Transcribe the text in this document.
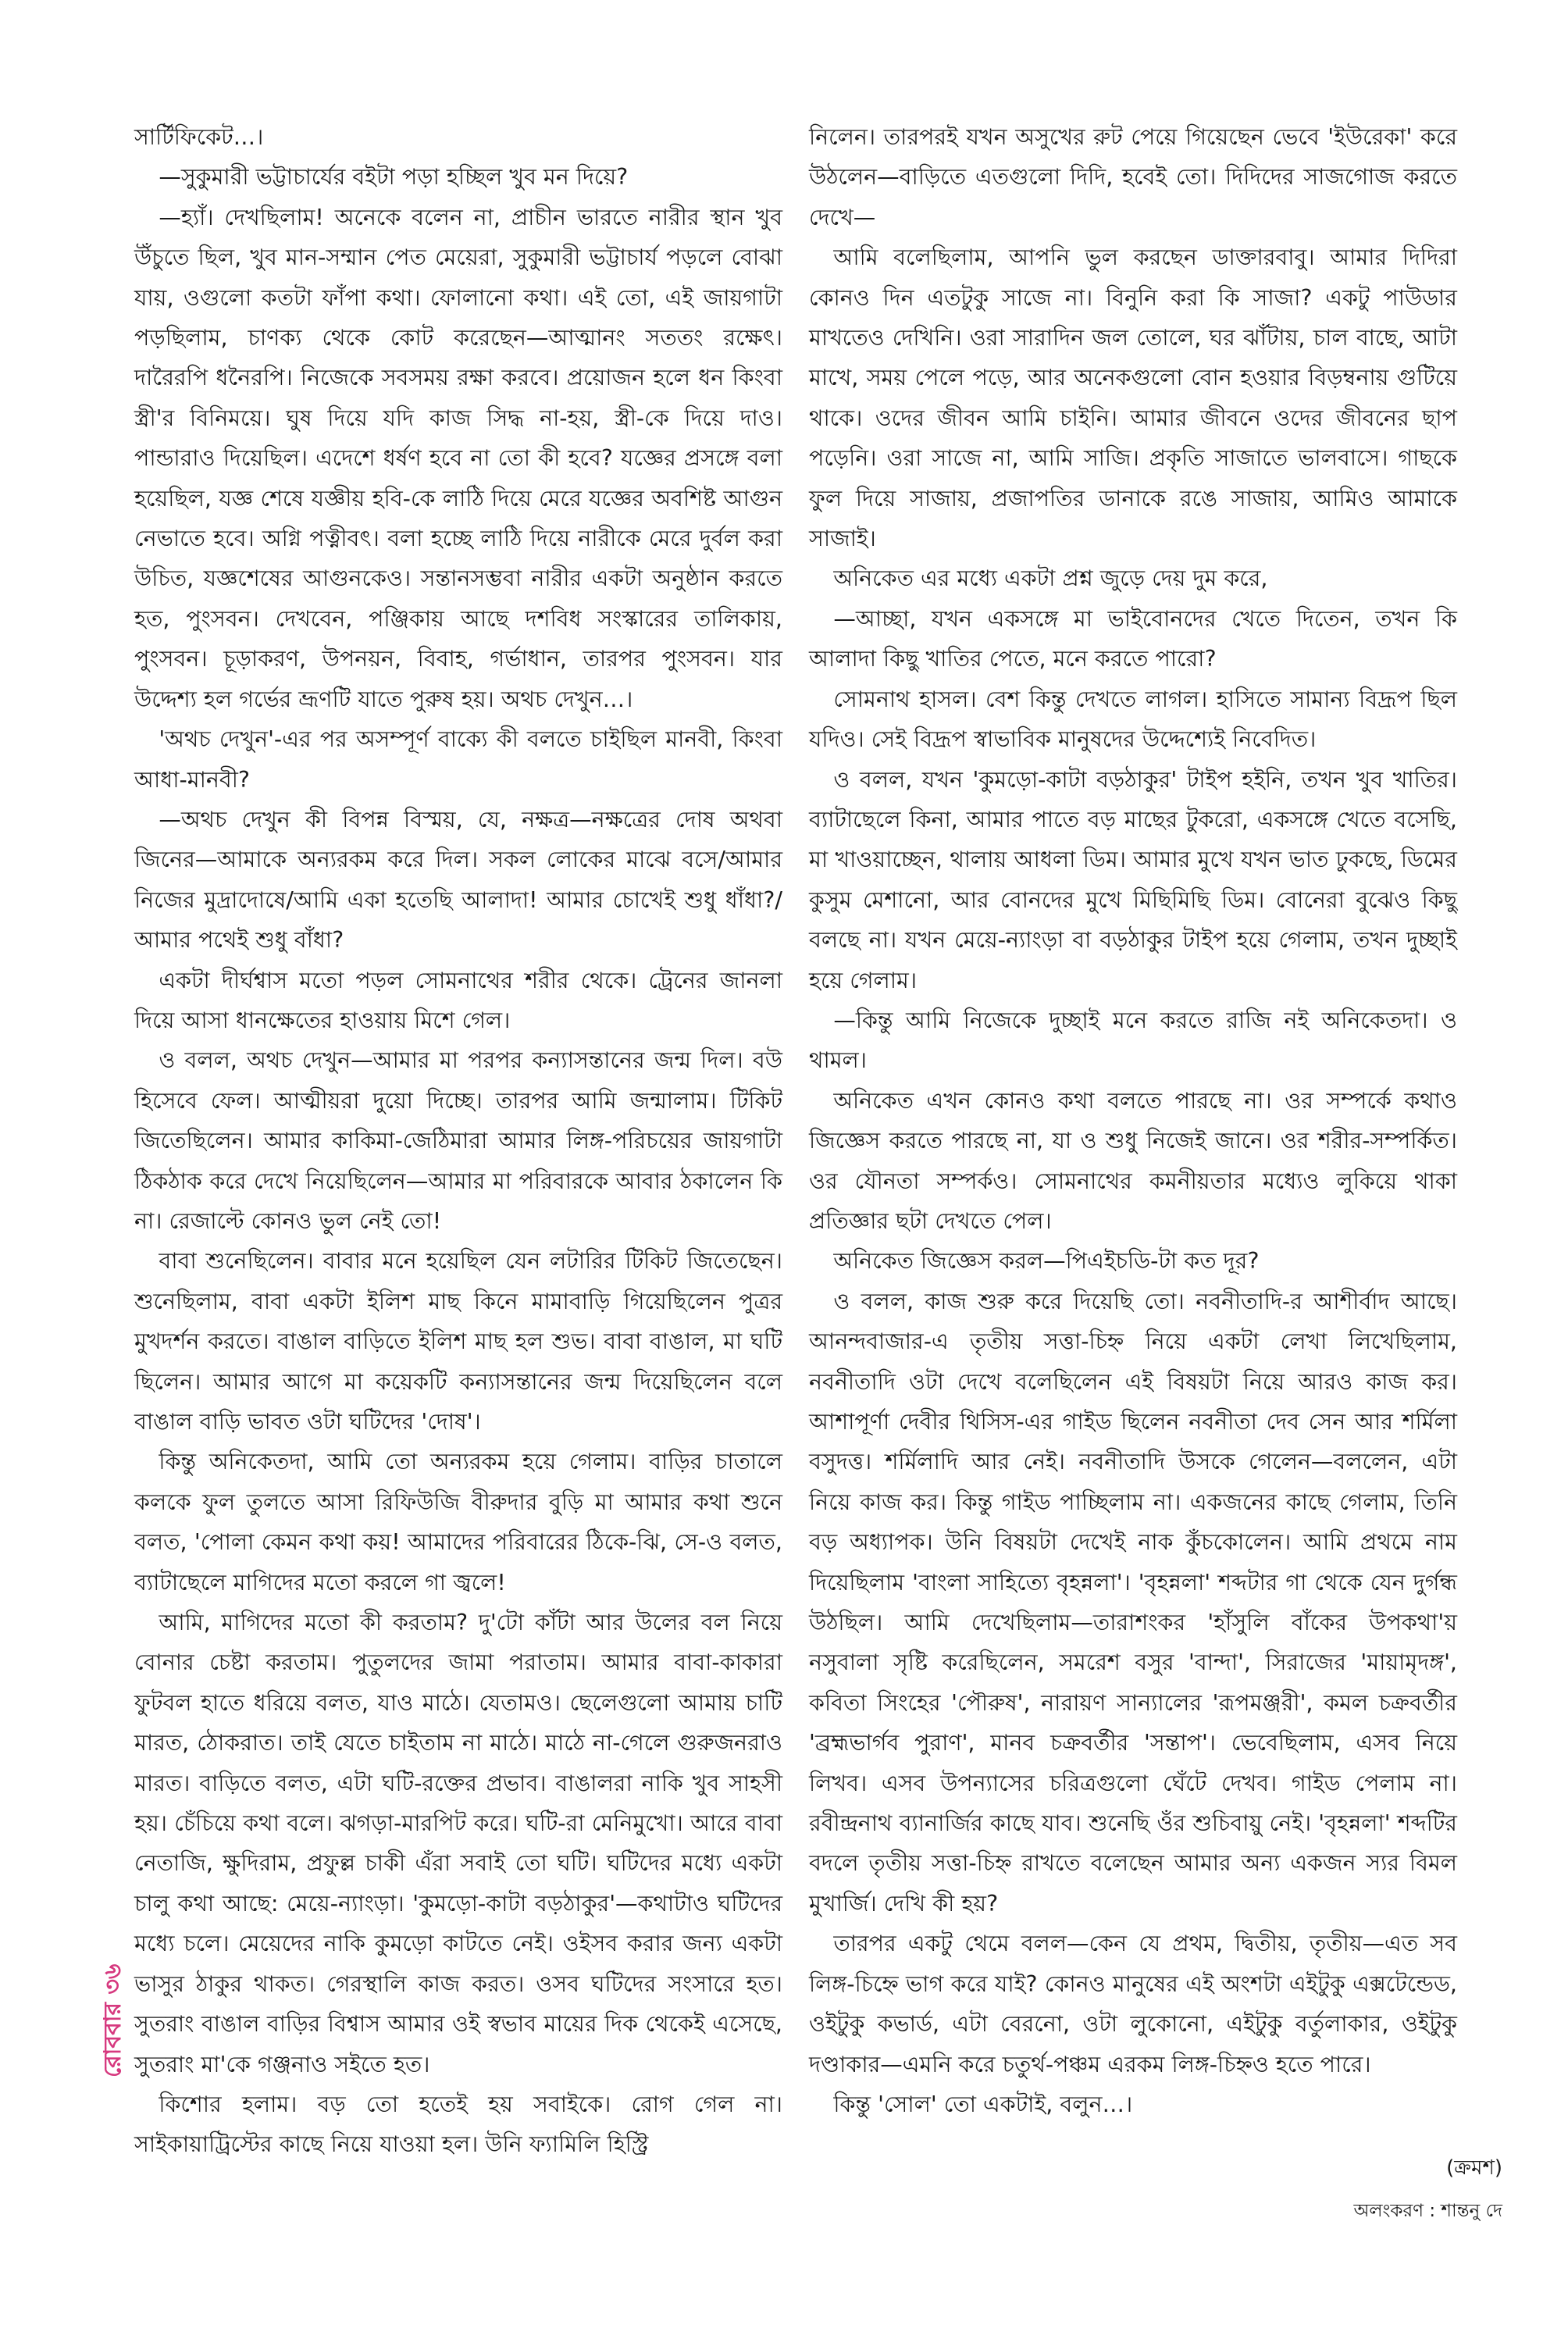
সার্টিফিকেট…।

—সুকুমারী ভট্টাচার্যের বইটা পড়া হচ্ছিল খুব মন দিয়ে?

—হ্যাঁ। দেখছিলাম! অনেকে বলেন না, প্রাচীন ভারতে নারীর স্থান খুব উঁচুতে ছিল, খুব মান-সম্মান পেত মেয়েরা, সুকুমারী ভট্টাচার্য পড়লে বোঝা যায়, ওগুলো কতটা ফাঁপা কথা। ফোলানো কথা। এই তো, এই জায়গাটা পড়ছিলাম, চাণক্য থেকে কোট করেছেন—আত্মানং সততং রক্ষেৎ। দারৈরপি ধনৈরপি। নিজেকে সবসময় রক্ষা করবে। প্রয়োজন হলে ধন কিংবা স্ত্রী'র বিনিময়ে। ঘুষ দিয়ে যদি কাজ সিদ্ধ না-হয়, স্ত্রী-কে দিয়ে দাও। পান্ডারাও দিয়েছিল। এদেশে ধর্ষণ হবে না তো কী হবে? যজ্ঞের প্রসঙ্গে বলা হয়েছিল, যজ্ঞ শেষে যজ্ঞীয় হবি-কে লাঠি দিয়ে মেরে যজ্ঞের অবশিষ্ট আগুন নেভাতে হবে। অগ্নি পত্নীবৎ। বলা হচ্ছে লাঠি দিয়ে নারীকে মেরে দুর্বল করা উচিত, যজ্ঞশেষের আগুনকেও। সন্তানসম্ভবা নারীর একটা অনুষ্ঠান করতে হত, পুংসবন। দেখবেন, পঞ্জিকায় আছে দশবিধ সংস্কারের তালিকায়, পুংসবন। চূড়াকরণ, উপনয়ন, বিবাহ, গর্ভাধান, তারপর পুংসবন। যার উদ্দেশ্য হল গর্ভের ভ্রূণটি যাতে পুরুষ হয়। অথচ দেখুন…।

'অথচ দেখুন'-এর পর অসম্পূর্ণ বাক্যে কী বলতে চাইছিল মানবী, কিংবা আধা-মানবী?

—অথচ দেখুন কী বিপন্ন বিস্ময়, যে, নক্ষত্র—নক্ষত্রের দোষ অথবা জিনের—আমাকে অন্যরকম করে দিল। সকল লোকের মাঝে বসে/আমার নিজের মুদ্রাদোষে/আমি একা হতেছি আলাদা! আমার চোখেই শুধু ধাঁধা?/আমার পথেই শুধু বাঁধা?

একটা দীর্ঘশ্বাস মতো পড়ল সোমনাথের শরীর থেকে। ট্রেনের জানলা দিয়ে আসা ধানক্ষেতের হাওয়ায় মিশে গেল।

ও বলল, অথচ দেখুন—আমার মা পরপর কন্যাসন্তানের জন্ম দিল। বউ হিসেবে ফেল। আত্মীয়রা দুয়ো দিচ্ছে। তারপর আমি জন্মালাম। টিকিট জিতেছিলেন। আমার কাকিমা-জেঠিমারা আমার লিঙ্গ-পরিচয়ের জায়গাটা ঠিকঠাক করে দেখে নিয়েছিলেন—আমার মা পরিবারকে আবার ঠকালেন কি না। রেজাল্টে কোনও ভুল নেই তো!

বাবা শুনেছিলেন। বাবার মনে হয়েছিল যেন লটারির টিকিট জিতেছেন। শুনেছিলাম, বাবা একটা ইলিশ মাছ কিনে মামাবাড়ি গিয়েছিলেন পুত্রর মুখদর্শন করতে। বাঙাল বাড়িতে ইলিশ মাছ হল শুভ। বাবা বাঙাল, মা ঘটি ছিলেন। আমার আগে মা কয়েকটি কন্যাসন্তানের জন্ম দিয়েছিলেন বলে বাঙাল বাড়ি ভাবত ওটা ঘটিদের 'দোষ'।

কিন্তু অনিকেতদা, আমি তো অন্যরকম হয়ে গেলাম। বাড়ির চাতালে কলকে ফুল তুলতে আসা রিফিউজি বীরুদার বুড়ি মা আমার কথা শুনে বলত, 'পোলা কেমন কথা কয়! আমাদের পরিবারের ঠিকে-ঝি, সে-ও বলত, ব্যাটাছেলে মাগিদের মতো করলে গা জ্বলে!

আমি, মাগিদের মতো কী করতাম? দু'টো কাঁটা আর উলের বল নিয়ে বোনার চেষ্টা করতাম। পুতুলদের জামা পরাতাম। আমার বাবা-কাকারা ফুটবল হাতে ধরিয়ে বলত, যাও মাঠে। যেতামও। ছেলেগুলো আমায় চাটি মারত, ঠোকরাত। তাই যেতে চাইতাম না মাঠে। মাঠে না-গেলে গুরুজনরাও মারত। বাড়িতে বলত, এটা ঘটি-রক্তের প্রভাব। বাঙালরা নাকি খুব সাহসী হয়। চেঁচিয়ে কথা বলে। ঝগড়া-মারপিট করে। ঘটি-রা মেনিমুখো। আরে বাবা নেতাজি, ক্ষুদিরাম, প্রফুল্ল চাকী এঁরা সবাই তো ঘটি। ঘটিদের মধ্যে একটা চালু কথা আছে: মেয়ে-ন্যাংড়া। 'কুমড়ো-কাটা বড়ঠাকুর'—কথাটাও ঘটিদের মধ্যে চলে। মেয়েদের নাকি কুমড়ো কাটতে নেই। ওইসব করার জন্য একটা ভাসুর ঠাকুর থাকত। গেরস্থালি কাজ করত। ওসব ঘটিদের সংসারে হত। সুতরাং বাঙাল বাড়ির বিশ্বাস আমার ওই স্বভাব মায়ের দিক থেকেই এসেছে, সুতরাং মা'কে গঞ্জনাও সইতে হত।

কিশোর হলাম। বড় তো হতেই হয় সবাইকে। রোগ গেল না। সাইকায়াট্রিস্টের কাছে নিয়ে যাওয়া হল। উনি ফ্যামিলি হিস্ট্রি

নিলেন। তারপরই যখন অসুখের রুট পেয়ে গিয়েছেন ভেবে 'ইউরেকা' করে উঠলেন—বাড়িতে এতগুলো দিদি, হবেই তো। দিদিদের সাজগোজ করতে দেখে—

আমি বলেছিলাম, আপনি ভুল করছেন ডাক্তারবাবু। আমার দিদিরা কোনও দিন এতটুকু সাজে না। বিনুনি করা কি সাজা? একটু পাউডার মাখতেও দেখিনি। ওরা সারাদিন জল তোলে, ঘর ঝাঁটায়, চাল বাছে, আটা মাখে, সময় পেলে পড়ে, আর অনেকগুলো বোন হওয়ার বিড়ম্বনায় গুটিয়ে থাকে। ওদের জীবন আমি চাইনি। আমার জীবনে ওদের জীবনের ছাপ পড়েনি। ওরা সাজে না, আমি সাজি। প্রকৃতি সাজাতে ভালবাসে। গাছকে ফুল দিয়ে সাজায়, প্রজাপতির ডানাকে রঙে সাজায়, আমিও আমাকে সাজাই।

অনিকেত এর মধ্যে একটা প্রশ্ন জুড়ে দেয় দুম করে,

—আচ্ছা, যখন একসঙ্গে মা ভাইবোনদের খেতে দিতেন, তখন কি আলাদা কিছু খাতির পেতে, মনে করতে পারো?

সোমনাথ হাসল। বেশ কিন্তু দেখতে লাগল। হাসিতে সামান্য বিদ্রূপ ছিল যদিও। সেই বিদ্রূপ স্বাভাবিক মানুষদের উদ্দেশ্যেই নিবেদিত।

ও বলল, যখন 'কুমড়ো-কাটা বড়ঠাকুর' টাইপ হইনি, তখন খুব খাতির। ব্যাটাছেলে কিনা, আমার পাতে বড় মাছের টুকরো, একসঙ্গে খেতে বসেছি, মা খাওয়াচ্ছেন, থালায় আধলা ডিম। আমার মুখে যখন ভাত ঢুকছে, ডিমের কুসুম মেশানো, আর বোনদের মুখে মিছিমিছি ডিম। বোনেরা বুঝেও কিছু বলছে না। যখন মেয়ে-ন্যাংড়া বা বড়ঠাকুর টাইপ হয়ে গেলাম, তখন দুচ্ছাই হয়ে গেলাম।

—কিন্তু আমি নিজেকে দুচ্ছাই মনে করতে রাজি নই অনিকেতদা। ও থামল।

অনিকেত এখন কোনও কথা বলতে পারছে না। ওর সম্পর্কে কথাও জিজ্ঞেস করতে পারছে না, যা ও শুধু নিজেই জানে। ওর শরীর-সম্পর্কিত। ওর যৌনতা সম্পর্কও। সোমনাথের কমনীয়তার মধ্যেও লুকিয়ে থাকা প্রতিজ্ঞার ছটা দেখতে পেল।

অনিকেত জিজ্ঞেস করল—পিএইচডি-টা কত দূর?

ও বলল, কাজ শুরু করে দিয়েছি তো। নবনীতাদি-র আশীর্বাদ আছে। আনন্দবাজার-এ তৃতীয় সত্তা-চিহ্ন নিয়ে একটা লেখা লিখেছিলাম, নবনীতাদি ওটা দেখে বলেছিলেন এই বিষয়টা নিয়ে আরও কাজ কর। আশাপূর্ণা দেবীর থিসিস-এর গাইড ছিলেন নবনীতা দেব সেন আর শর্মিলা বসুদত্ত। শর্মিলাদি আর নেই। নবনীতাদি উসকে গেলেন—বললেন, এটা নিয়ে কাজ কর। কিন্তু গাইড পাচ্ছিলাম না। একজনের কাছে গেলাম, তিনি বড় অধ্যাপক। উনি বিষয়টা দেখেই নাক কুঁচকোলেন। আমি প্রথমে নাম দিয়েছিলাম 'বাংলা সাহিত্যে বৃহন্নলা'। 'বৃহন্নলা' শব্দটার গা থেকে যেন দুর্গন্ধ উঠছিল। আমি দেখেছিলাম—তারাশংকর 'হাঁসুলি বাঁকের উপকথা'য় নসুবালা সৃষ্টি করেছিলেন, সমরেশ বসুর 'বান্দা', সিরাজের 'মায়ামৃদঙ্গ', কবিতা সিংহের 'পৌরুষ', নারায়ণ সান্যালের 'রূপমঞ্জরী', কমল চক্রবর্তীর 'ব্রহ্মভার্গব পুরাণ', মানব চক্রবর্তীর 'সন্তাপ'। ভেবেছিলাম, এসব নিয়ে লিখব। এসব উপন্যাসের চরিত্রগুলো ঘেঁটে দেখব। গাইড পেলাম না। রবীন্দ্রনাথ ব্যানার্জির কাছে যাব। শুনেছি ওঁর শুচিবায়ু নেই। 'বৃহন্নলা' শব্দটির বদলে তৃতীয় সত্তা-চিহ্ন রাখতে বলেছেন আমার অন্য একজন স্যর বিমল মুখার্জি। দেখি কী হয়?

তারপর একটু থেমে বলল—কেন যে প্রথম, দ্বিতীয়, তৃতীয়—এত সব লিঙ্গ-চিহ্নে ভাগ করে যাই? কোনও মানুষের এই অংশটা এইটুকু এক্সটেন্ডেড, ওইটুকু কভার্ড, এটা বেরনো, ওটা লুকোনো, এইটুকু বর্তুলাকার, ওইটুকু দণ্ডাকার—এমনি করে চতুর্থ-পঞ্চম এরকম লিঙ্গ-চিহ্নও হতে পারে।

কিন্তু 'সোল' তো একটাই, বলুন…।

(ক্রমশ)
অলংকরণ : শান্তনু দে
রোববার ৩৬
